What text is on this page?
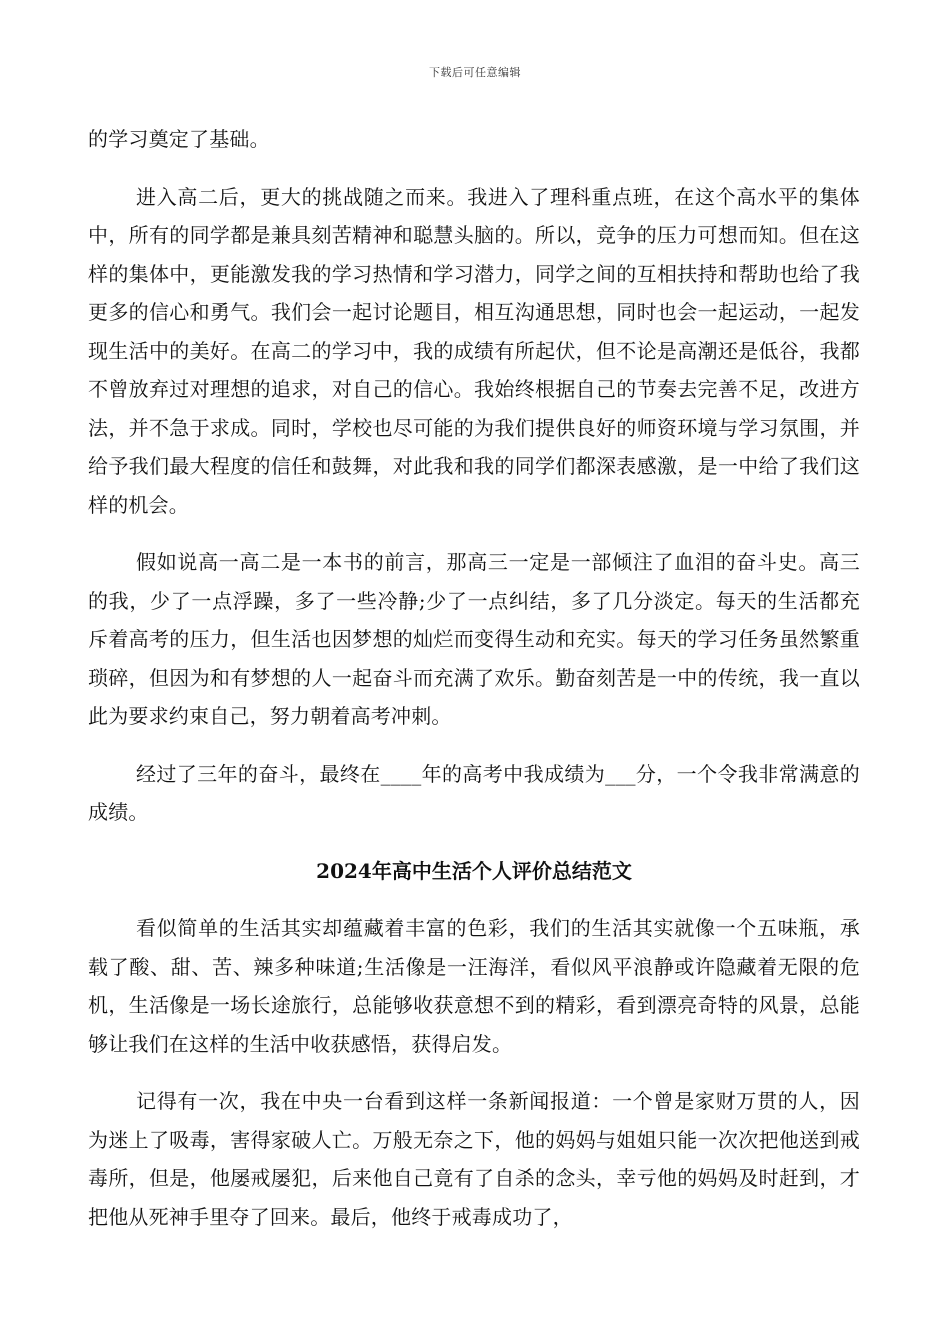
下载后可任意编辑

的学习奠定了基础。

进入高二后，更大的挑战随之而来。我进入了理科重点班，在这个高水平的集体中，所有的同学都是兼具刻苦精神和聪慧头脑的。所以，竞争的压力可想而知。但在这样的集体中，更能激发我的学习热情和学习潜力，同学之间的互相扶持和帮助也给了我更多的信心和勇气。我们会一起讨论题目，相互沟通思想，同时也会一起运动，一起发现生活中的美好。在高二的学习中，我的成绩有所起伏，但不论是高潮还是低谷，我都不曾放弃过对理想的追求，对自己的信心。我始终根据自己的节奏去完善不足，改进方法，并不急于求成。同时，学校也尽可能的为我们提供良好的师资环境与学习氛围，并给予我们最大程度的信任和鼓舞，对此我和我的同学们都深表感激，是一中给了我们这样的机会。

假如说高一高二是一本书的前言，那高三一定是一部倾注了血泪的奋斗史。高三的我，少了一点浮躁，多了一些冷静;少了一点纠结，多了几分淡定。每天的生活都充斥着高考的压力，但生活也因梦想的灿烂而变得生动和充实。每天的学习任务虽然繁重琐碎，但因为和有梦想的人一起奋斗而充满了欢乐。勤奋刻苦是一中的传统，我一直以此为要求约束自己，努力朝着高考冲刺。

经过了三年的奋斗，最终在____年的高考中我成绩为___分，一个令我非常满意的成绩。

2024年高中生活个人评价总结范文

看似简单的生活其实却蕴藏着丰富的色彩，我们的生活其实就像一个五味瓶，承载了酸、甜、苦、辣多种味道;生活像是一汪海洋，看似风平浪静或许隐藏着无限的危机，生活像是一场长途旅行，总能够收获意想不到的精彩，看到漂亮奇特的风景，总能够让我们在这样的生活中收获感悟，获得启发。

记得有一次，我在中央一台看到这样一条新闻报道：一个曾是家财万贯的人，因为迷上了吸毒，害得家破人亡。万般无奈之下，他的妈妈与姐姐只能一次次把他送到戒毒所，但是，他屡戒屡犯，后来他自己竟有了自杀的念头，幸亏他的妈妈及时赶到，才把他从死神手里夺了回来。最后，他终于戒毒成功了，
